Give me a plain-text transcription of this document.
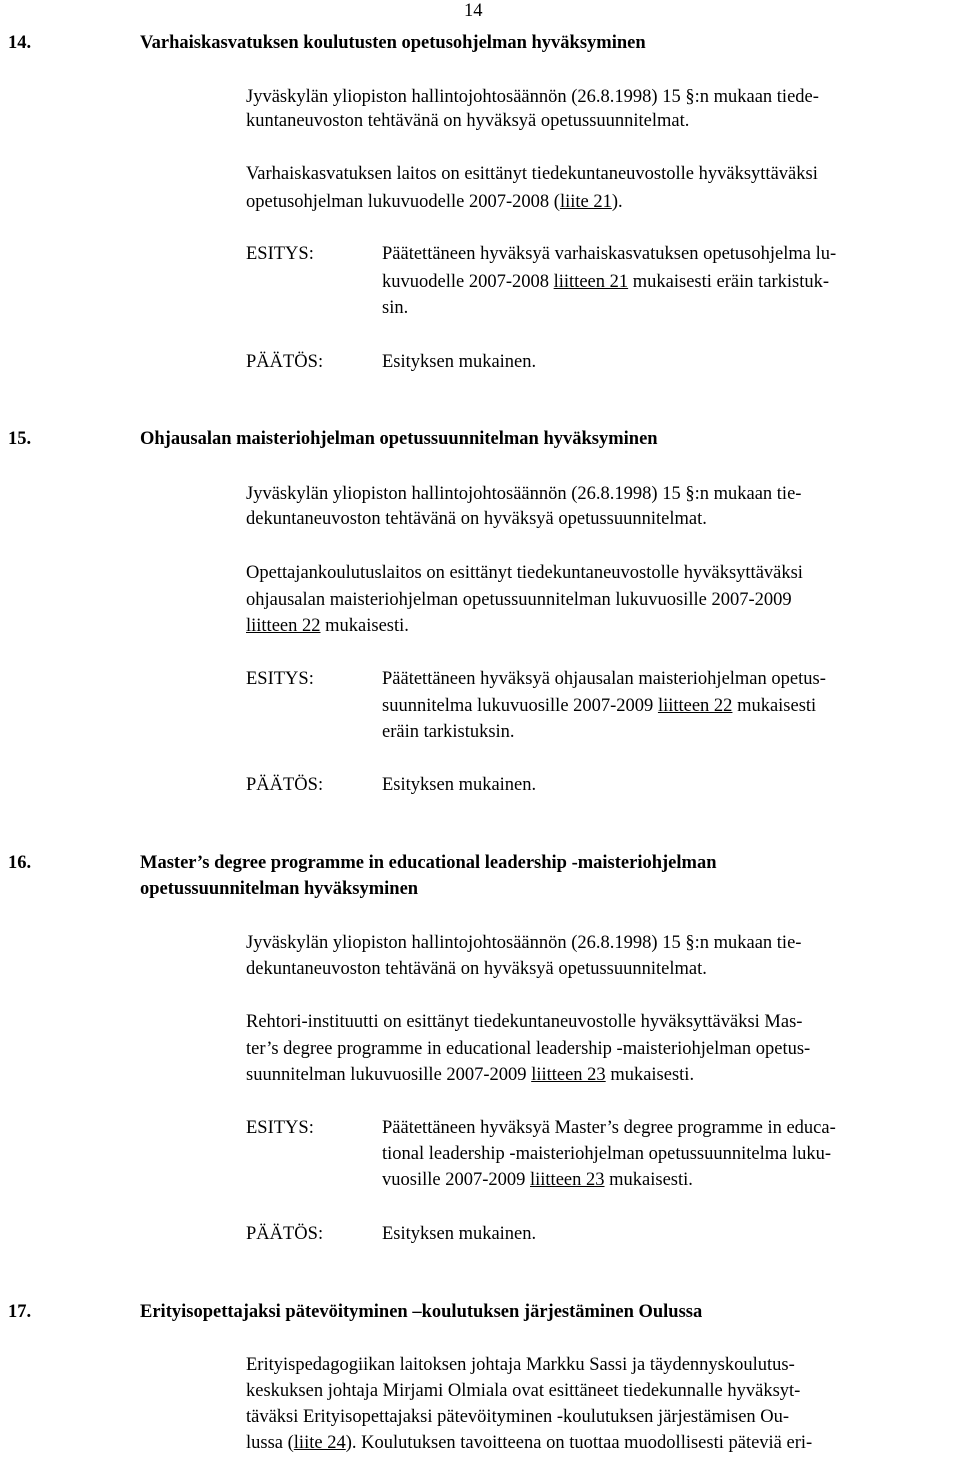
14
14.	Varhaiskasvatuksen koulutusten opetusohjelman hyväksyminen
Jyväskylän yliopiston hallintojohtosäännön (26.8.1998) 15 §:n mukaan tiede-
kuntaneuvoston tehtävänä on hyväksyä opetussuunnitelmat.
Varhaiskasvatuksen laitos on esittänyt tiedekuntaneuvostolle hyväksyttäväksi
opetusohjelman lukuvuodelle 2007-2008 (liite 21).
ESITYS:	Päätettäneen hyväksyä varhaiskasvatuksen opetusohjelma lu-
kuvuodelle 2007-2008 liitteen 21 mukaisesti eräin tarkistuk-
sin.
PÄÄTÖS:	Esityksen mukainen.
15.	Ohjausalan maisteriohjelman opetussuunnitelman hyväksyminen
Jyväskylän yliopiston hallintojohtosäännön (26.8.1998) 15 §:n mukaan tie-
dekuntaneuvoston tehtävänä on hyväksyä opetussuunnitelmat.
Opettajankoulutuslaitos on esittänyt tiedekuntaneuvostolle hyväksyttäväksi
ohjausalan maisteriohjelman opetussuunnitelman lukuvuosille 2007-2009
liitteen 22 mukaisesti.
ESITYS:	Päätettäneen hyväksyä ohjausalan maisteriohjelman opetus-
suunnitelma lukuvuosille 2007-2009 liitteen 22 mukaisesti
eräin tarkistuksin.
PÄÄTÖS:	Esityksen mukainen.
16.	Master’s degree programme in educational leadership -maisteriohjelman
opetussuunnitelman hyväksyminen
Jyväskylän yliopiston hallintojohtosäännön (26.8.1998) 15 §:n mukaan tie-
dekuntaneuvoston tehtävänä on hyväksyä opetussuunnitelmat.
Rehtori-instituutti on esittänyt tiedekuntaneuvostolle hyväksyttäväksi Mas-
ter’s degree programme in educational leadership -maisteriohjelman opetus-
suunnitelman lukuvuosille 2007-2009 liitteen 23 mukaisesti.
ESITYS:	Päätettäneen hyväksyä Master’s degree programme in educa-
tional leadership -maisteriohjelman opetussuunnitelma luku-
vuosille 2007-2009 liitteen 23 mukaisesti.
PÄÄTÖS:	Esityksen mukainen.
17.	Erityisopettajaksi pätevöityminen –koulutuksen järjestäminen Oulussa
Erityispedagogiikan laitoksen johtaja Markku Sassi ja täydennyskoulutus-
keskuksen johtaja Mirjami Olmiala ovat esittäneet tiedekunnalle hyväksyt-
täväksi Erityisopettajaksi pätevöityminen -koulutuksen järjestämisen Ou-
lussa (liite 24). Koulutuksen tavoitteena on tuottaa muodollisesti päteviä eri-
